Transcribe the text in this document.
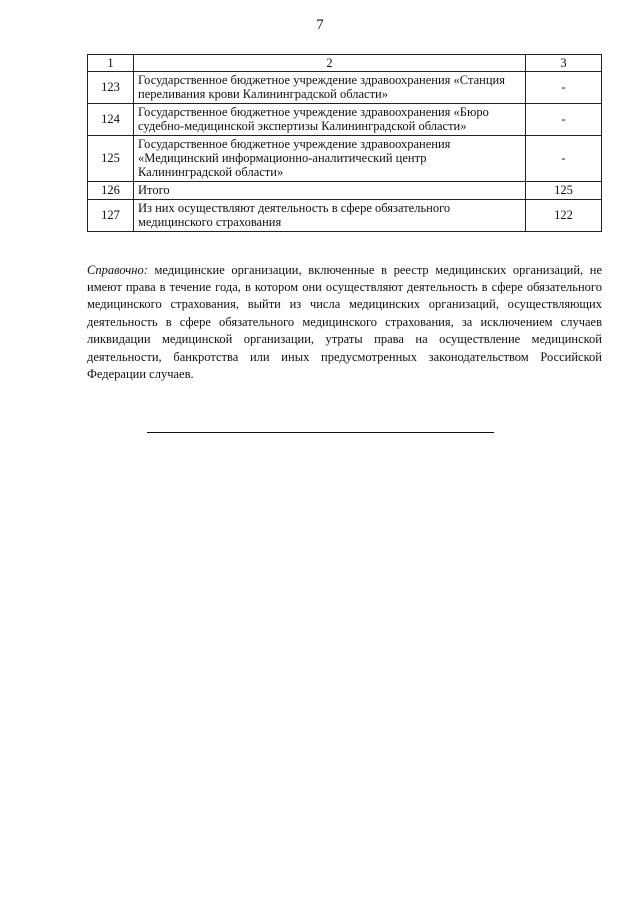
7
1	2	3
123	Государственное бюджетное учреждение здравоохранения «Станция переливания крови Калининградской области»	-
124	Государственное бюджетное учреждение здравоохранения «Бюро судебно-медицинской экспертизы Калининградской области»	-
125	Государственное бюджетное учреждение здравоохранения «Медицинский информационно-аналитический центр Калининградской области»	-
126	Итого	125
127	Из них осуществляют деятельность в сфере обязательного медицинского страхования	122

Справочно: медицинские организации, включенные в реестр медицинских организаций, не имеют права в течение года, в котором они осуществляют деятельность в сфере обязательного медицинского страхования, выйти из числа медицинских организаций, осуществляющих деятельность в сфере обязательного медицинского страхования, за исключением случаев ликвидации медицинской организации, утраты права на осуществление медицинской деятельности, банкротства или иных предусмотренных законодательством Российской Федерации случаев.
